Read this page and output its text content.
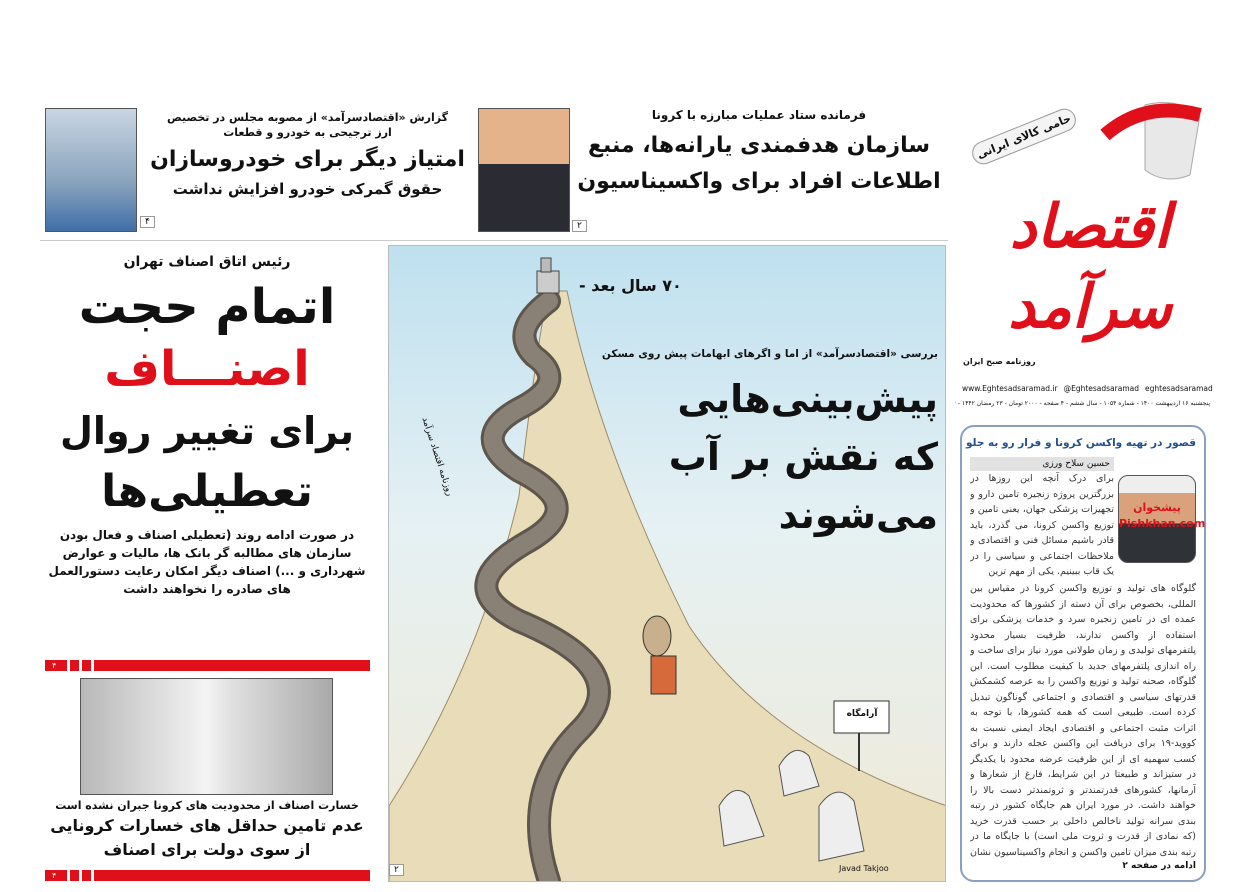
حامی کالای ایرانی
اقتصاد سرآمد
روزنامه صبح ایران
www.Eghtesadsaramad.ir @Eghtesadsaramad eghtesadsaramad
پنجشنبه ۱۶ اردیبهشت ۱۴۰۰ - شماره ۱۰۵۴ - سال ششم - ۴ صفحه - ۲۰۰۰ تومان - ۲۳ رمضان ۱۴۴۲ -
فرمانده ستاد عملیات مبارزه با کرونا
سازمان هدفمندی یارانه‌ها، منبع
اطلاعات افراد برای واکسیناسیون
۲
گزارش «اقتصادسرآمد» از مصوبه مجلس در تخصیص
ارز ترجیحی به خودرو و قطعات
امتیاز دیگر برای خودروسازان
حقوق گمرکی خودرو افزایش نداشت
۴
رئیس اتاق اصناف تهران
اتمام حجت
اصنـــاف
برای تغییر روال
تعطیلی‌ها
در صورت ادامه روند (تعطیلی اصناف و فعال بودن سازمان های مطالبه گر بانک ها، مالیات و عوارض شهرداری و ...) اصناف دیگر امکان رعایت دستورالعمل های صادره را نخواهند داشت
۴
خسارت اصناف از محدودیت های کرونا جبران نشده است
عدم تامین حداقل های خسارات کرونایی
از سوی دولت برای اصناف
۴
۷۰ سال بعد -
آرامگاه
روزنامه اقتصاد سرآمد
Javad Takjoo
۲
بررسی «اقتصادسرآمد» از اما و اگرهای ابهامات پیش روی مسکن
پیش‌بینی‌هایی
که نقش بر آب
می‌شوند
قصور در تهیه واکسن کرونا و فرار رو به جلو
حسین سلاح ورزی
برای درک آنچه این روزها در بزرگترین پروژه زنجیره تامین دارو و تجهیزات پزشکی جهان، یعنی تامین و توزیع واکسن کرونا، می گذرد، باید قادر باشیم مسائل فنی و اقتصادی و ملاحظات اجتماعی و سیاسی را در یک قاب ببینیم. یکی از مهم ترین
پیشخوان Pishkhan.com
گلوگاه های تولید و توزیع واکسن کرونا در مقیاس بین المللی، بخصوص برای آن دسته از کشورها که محدودیت عمده ای در تامین زنجیره سرد و خدمات پزشکی برای استفاده از واکسن ندارند، ظرفیت بسیار محدود پلتفرمهای تولیدی و زمان طولانی مورد نیاز برای ساخت و راه اندازی پلتفرمهای جدید با کیفیت مطلوب است. این گلوگاه، صحنه تولید و توزیع واکسن را به عرصه کشمکش قدرتهای سیاسی و اقتصادی و اجتماعی گوناگون تبدیل کرده است. طبیعی است که همه کشورها، با توجه به اثرات مثبت اجتماعی و اقتصادی ایجاد ایمنی نسبت به کووید-۱۹ برای دریافت این واکسن عجله دارند و برای کسب سهمیه ای از این ظرفیت عرضه محدود با یکدیگر در ستیزاند و طبیعتا در این شرایط، فارغ از شعارها و آرمانها، کشورهای قدرتمندتر و ثروتمندتر دست بالا را خواهند داشت. در مورد ایران هم جایگاه کشور در رتبه بندی سرانه تولید ناخالص داخلی بر حسب قدرت خرید (که نمادی از قدرت و ثروت ملی است) با جایگاه ما در رتبه بندی میزان تامین واکسن و انجام واکسیناسیون نشان
ادامه در صفحه ۲
